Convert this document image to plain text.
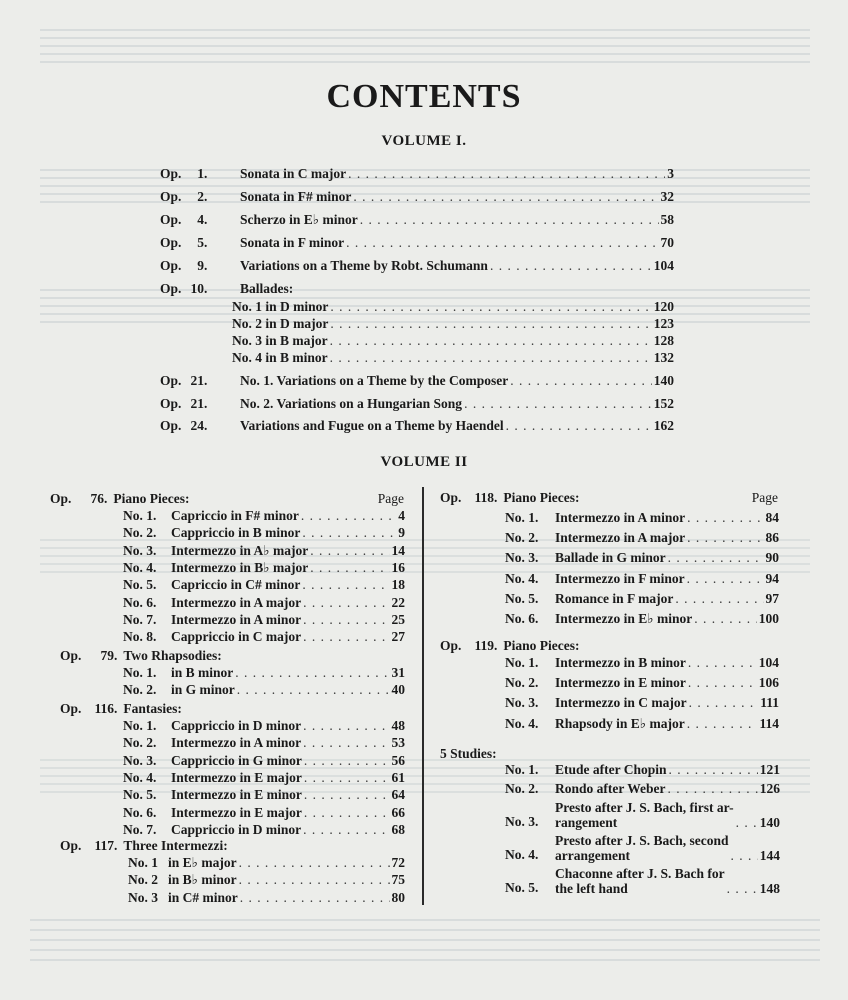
CONTENTS
VOLUME I.
Op. 1.	Sonata in C major . . .	3
Op. 2.	Sonata in F# minor . . .	32
Op. 4.	Scherzo in E♭ minor . . .	58
Op. 5.	Sonata in F minor . . .	70
Op. 9.	Variations on a Theme by Robt. Schumann . . .	104
Op. 10.	Ballades:
No. 1 in D minor . . .	120
No. 2 in D major . . .	123
No. 3 in B major . . .	128
No. 4 in B minor . . .	132
Op. 21.	No. 1. Variations on a Theme by the Composer . . .	140
Op. 21.	No. 2. Variations on a Hungarian Song . . .	152
Op. 24.	Variations and Fugue on a Theme by Haendel . . .	162
VOLUME II
Op.	76. Piano Pieces:	Page
No. 1.	Capriccio in F# minor . . .	4
No. 2.	Cappriccio in B minor . . .	9
No. 3.	Intermezzo in A♭ major . . .	14
No. 4.	Intermezzo in B♭ major . . .	16
No. 5.	Capriccio in C# minor . . .	18
No. 6.	Intermezzo in A major . . .	22
No. 7.	Intermezzo in A minor . . .	25
No. 8.	Cappriccio in C major . . .	27
Op.	79. Two Rhapsodies:
No. 1.	in B minor . . .	31
No. 2.	in G minor . . .	40
Op. 116. Fantasies:
No. 1.	Cappriccio in D minor . . .	48
No. 2.	Intermezzo in A minor . . .	53
No. 3.	Cappriccio in G minor . . .	56
No. 4.	Intermezzo in E major . . .	61
No. 5.	Intermezzo in E minor . . .	64
No. 6.	Intermezzo in E major . . .	66
No. 7.	Cappriccio in D minor . . .	68
Op. 117. Three Intermezzi:
No. 1 in E♭ major . . .	72
No. 2 in B♭ minor . . .	75
No. 3 in C# minor . . .	80
Op. 118. Piano Pieces:	Page
No. 1.	Intermezzo in A minor . . .	84
No. 2.	Intermezzo in A major . . .	86
No. 3.	Ballade in G minor . . .	90
No. 4.	Intermezzo in F minor . . .	94
No. 5.	Romance in F major . . .	97
No. 6.	Intermezzo in E♭ minor . . .	100
Op. 119. Piano Pieces:
No. 1.	Intermezzo in B minor . . .	104
No. 2.	Intermezzo in E minor . . .	106
No. 3.	Intermezzo in C major . . .	111
No. 4.	Rhapsody in E♭ major . . .	114
5 Studies:
No. 1.	Etude after Chopin . . .	121
No. 2.	Rondo after Weber . . .	126
No. 3.
Presto after J. S. Bach, first ar-
rangement . . .	140
No. 4.
Presto after J. S. Bach, second
arrangement . . .	144
No. 5.
Chaconne after J. S. Bach for
the left hand . . .	148
